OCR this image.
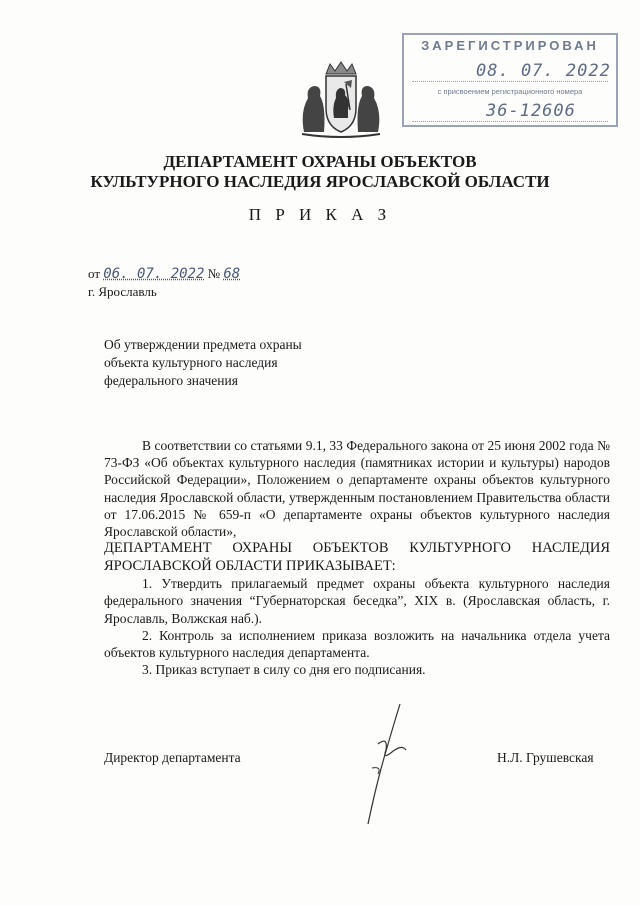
ЗАРЕГИСТРИРОВАН
08. 07. 2022
с присвоением регистрационного номера
36-12606
ДЕПАРТАМЕНТ ОХРАНЫ ОБЪЕКТОВ
КУЛЬТУРНОГО НАСЛЕДИЯ ЯРОСЛАВСКОЙ ОБЛАСТИ
П Р И К А З
от 06. 07. 2022 № 68
г. Ярославль
Об утверждении предмета охраны
объекта культурного наследия
федерального значения

В соответствии со статьями 9.1, 33 Федерального закона от 25 июня 2002 года № 73-ФЗ «Об объектах культурного наследия (памятниках истории и культуры) народов Российской Федерации», Положением о департаменте охраны объектов культурного наследия Ярославской области, утвержденным постановлением Правительства области от 17.06.2015 № 659-п «О департаменте охраны объектов культурного наследия Ярославской области»,

ДЕПАРТАМЕНТ ОХРАНЫ ОБЪЕКТОВ КУЛЬТУРНОГО НАСЛЕДИЯ ЯРОСЛАВСКОЙ ОБЛАСТИ ПРИКАЗЫВАЕТ:

1. Утвердить прилагаемый предмет охраны объекта культурного наследия федерального значения “Губернаторская беседка”, XIX в. (Ярославская область, г. Ярославль, Волжская наб.).

2. Контроль за исполнением приказа возложить на начальника отдела учета объектов культурного наследия департамента.

3. Приказ вступает в силу со дня его подписания.

Директор департамента	Н.Л. Грушевская
